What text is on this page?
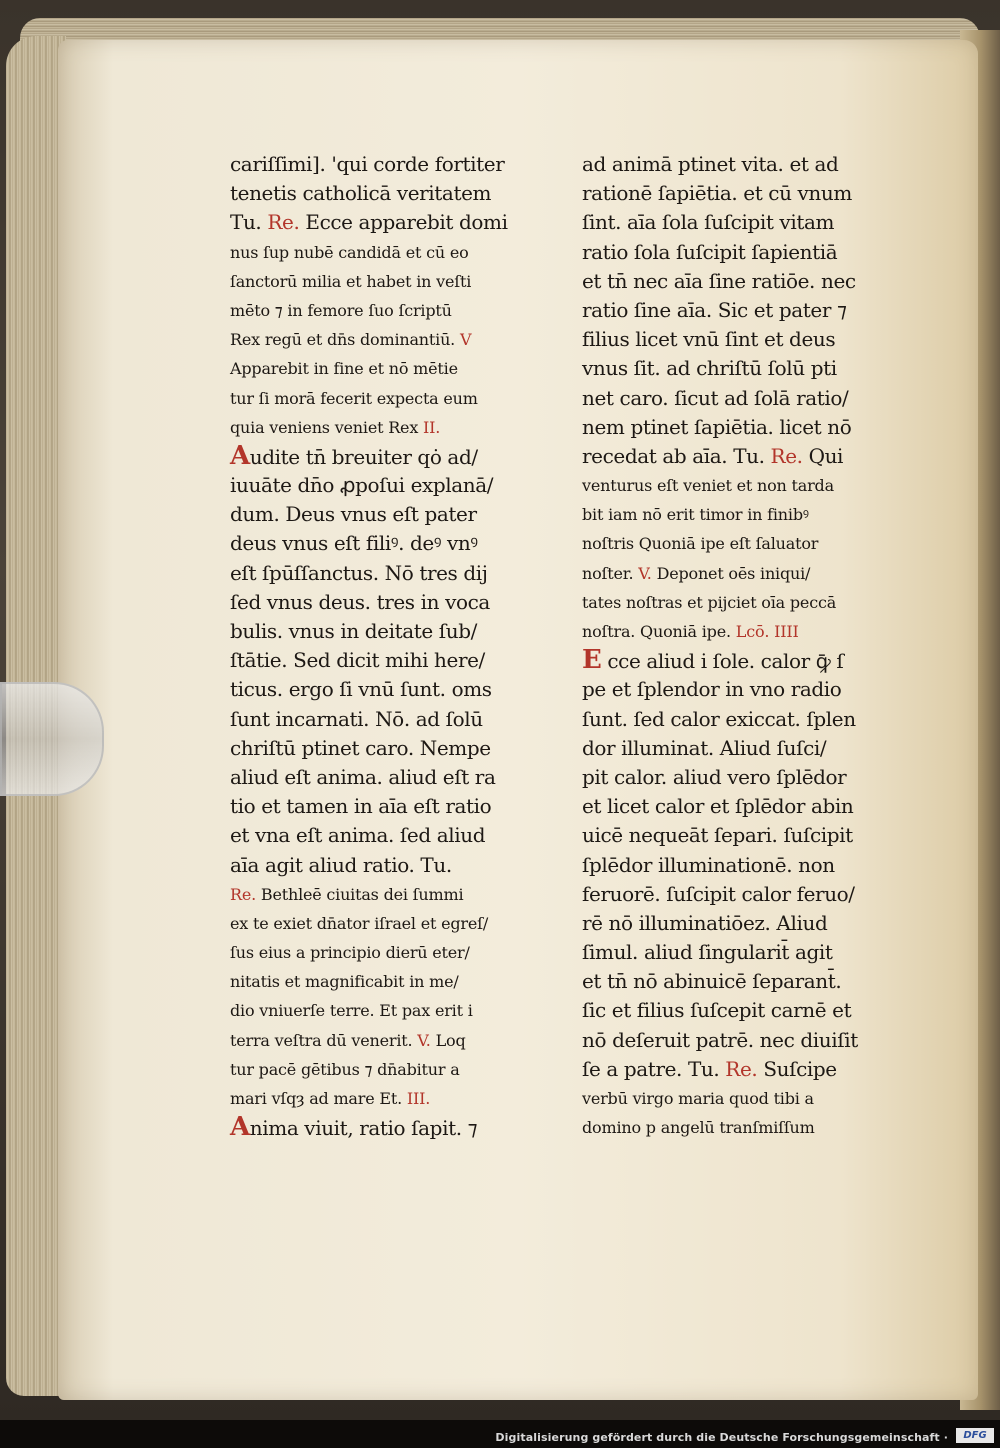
cariſſimi]. 'qui corde fortiter
tenetis catholicā veritatem
Tu. Re. Ecce apparebit domi
nus ſup nubē candidā et cū eo
ſanctorū milia et habet in veſti
mēto ⁊ in femore ſuo ſcriptū
Rex regū et dn̄s dominantiū. V
Apparebit in fine et nō mētie
tur ſi morā fecerit expecta eum
quia veniens veniet Rex II.
Audite tn̄ breuiter qȯ ad/
iuuāte dn̄o ꝓpoſui explanā/
dum. Deus vnus eſt pater
deus vnus eſt filiꝰ. deꝰ vnꝰ
eſt ſpūſſanctus. Nō tres dij
ſed vnus deus. tres in voca
bulis. vnus in deitate ſub/
ſtātie. Sed dicit mihi here/
ticus. ergo ſi vnū ſunt. oms
ſunt incarnati. Nō. ad ſolū
chriſtū ptinet caro. Nempe
aliud eſt anima. aliud eſt ra
tio et tamen in aīa eſt ratio
et vna eſt anima. ſed aliud
aīa agit aliud ratio. Tu.
Re. Bethleē ciuitas dei ſummi
ex te exiet dn̄ator iſrael et egreſ/
ſus eius a principio dierū eter/
nitatis et magnificabit in me/
dio vniuerſe terre. Et pax erit i
terra veſtra dū venerit. V. Loq
tur pacē gētibus ⁊ dn̄abitur a
mari vſqȝ ad mare Et. III.
Anima viuit, ratio ſapit. ⁊
ad animā ptinet vita. et ad
rationē ſapiētia. et cū vnum
ſint. aīa ſola ſuſcipit vitam
ratio ſola ſuſcipit ſapientiā
et tn̄ nec aīa ſine ratiōe. nec
ratio ſine aīa. Sic et pater ⁊
filius licet vnū ſint et deus
vnus ſit. ad chriſtū ſolū pti
net caro. ſicut ad ſolā ratio/
nem ptinet ſapiētia. licet nō
recedat ab aīa. Tu. Re. Qui
venturus eſt veniet et non tarda
bit iam nō erit timor in finibꝰ
noſtris Quoniā ipe eſt ſaluator
noſter. V. Deponet oēs iniqui/
tates noſtras et pijciet oīa peccā
noſtra. Quoniā ipe. Lcō. IIII
E cce aliud i ſole. calor ꝙ̄ ſ
pe et ſplendor in vno radio
ſunt. ſed calor exiccat. ſplen
dor illuminat. Aliud ſuſci/
pit calor. aliud vero ſplēdor
et licet calor et ſplēdor abin
uicē nequeāt ſepari. ſuſcipit
ſplēdor illuminationē. non
feruorē. ſuſcipit calor feruo/
rē nō illuminatiōez. Aliud
ſimul. aliud ſingularit̄ agit
et tn̄ nō abinuicē ſeparant̄.
ſic et filius ſuſcepit carnē et
nō deſeruit patrē. nec diuiſit
ſe a patre. Tu. Re. Suſcipe
verbū virgo maria quod tibi a
domino p angelū tranſmiſſum
Digitalisierung gefördert durch die Deutsche Forschungsgemeinschaft ·	DFG
